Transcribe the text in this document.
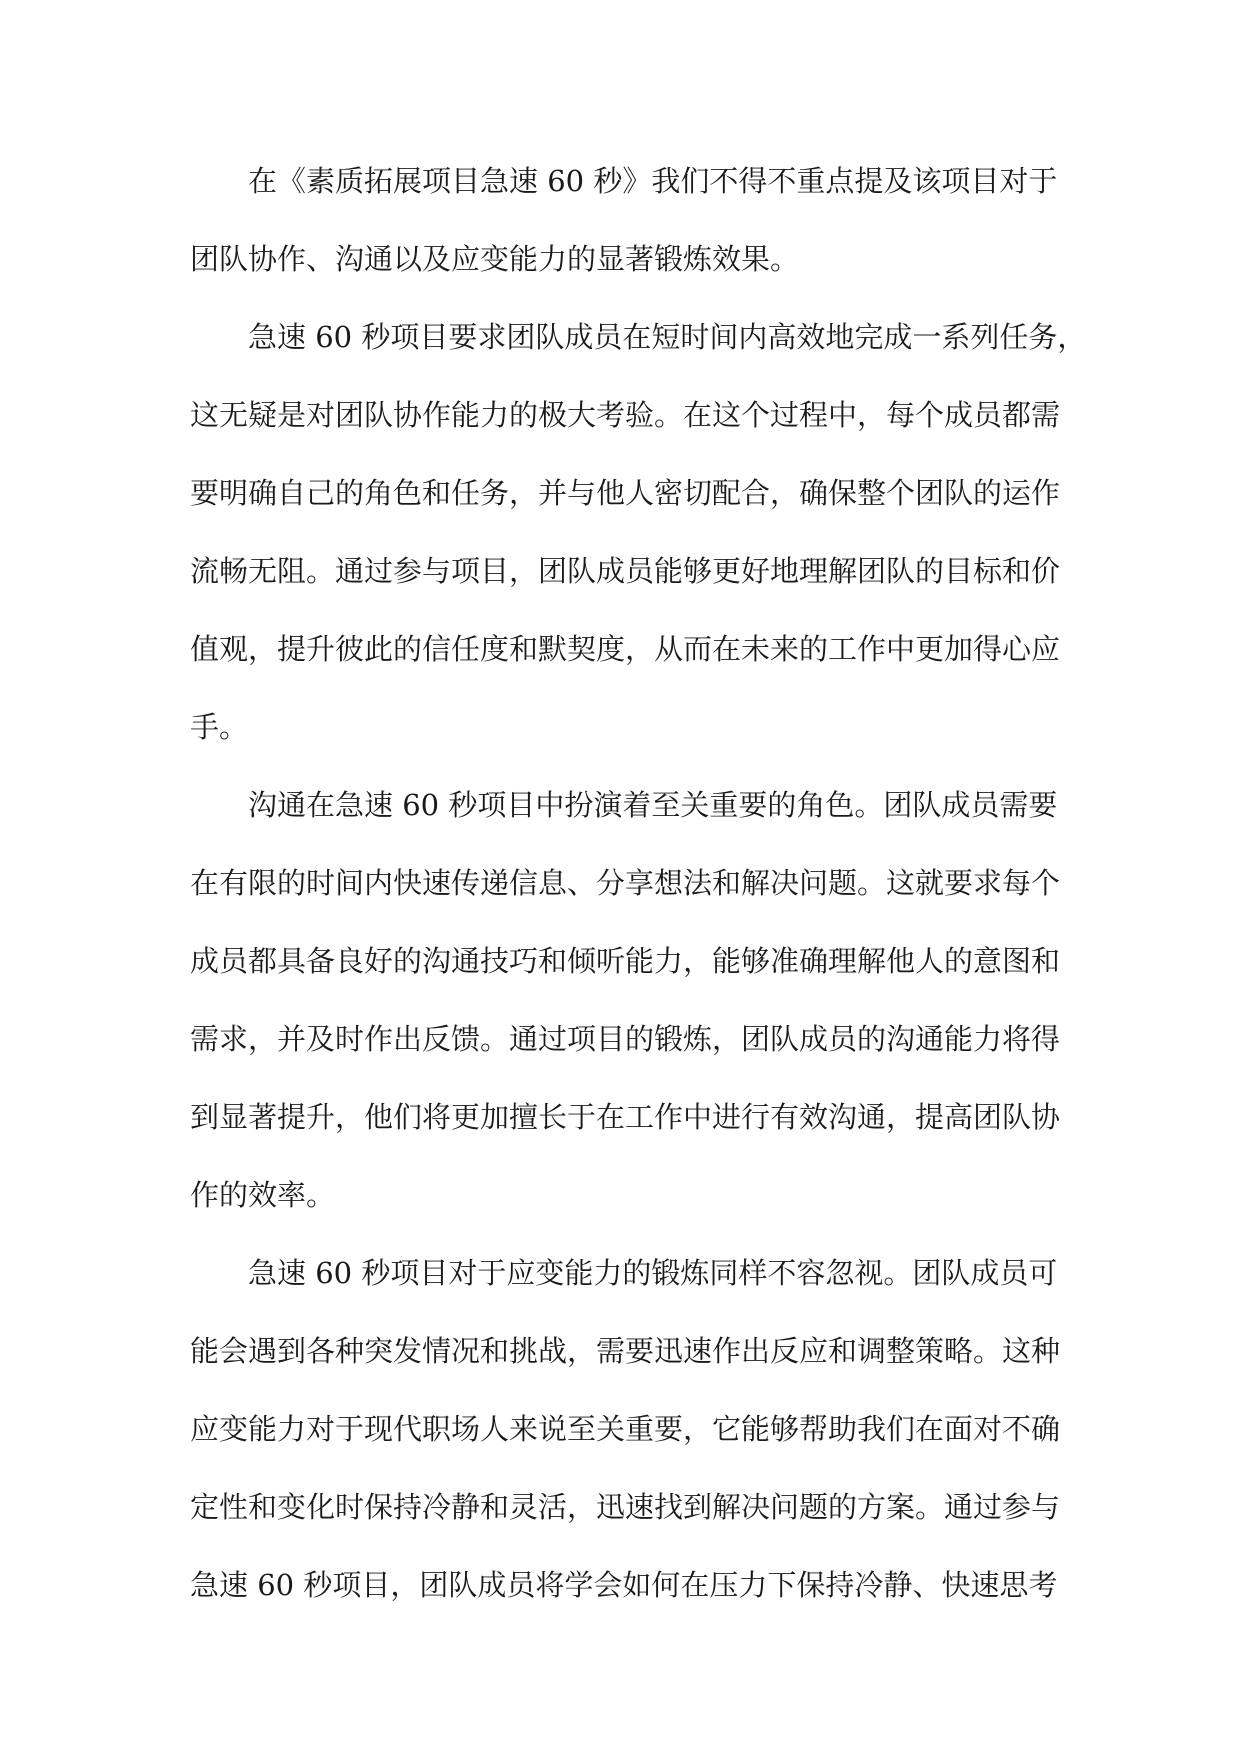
在《素质拓展项目急速 60 秒》我们不得不重点提及该项目对于
团队协作、沟通以及应变能力的显著锻炼效果。
急速 60 秒项目要求团队成员在短时间内高效地完成一系列任务，
这无疑是对团队协作能力的极大考验。在这个过程中，每个成员都需
要明确自己的角色和任务，并与他人密切配合，确保整个团队的运作
流畅无阻。通过参与项目，团队成员能够更好地理解团队的目标和价
值观，提升彼此的信任度和默契度，从而在未来的工作中更加得心应
手。
沟通在急速 60 秒项目中扮演着至关重要的角色。团队成员需要
在有限的时间内快速传递信息、分享想法和解决问题。这就要求每个
成员都具备良好的沟通技巧和倾听能力，能够准确理解他人的意图和
需求，并及时作出反馈。通过项目的锻炼，团队成员的沟通能力将得
到显著提升，他们将更加擅长于在工作中进行有效沟通，提高团队协
作的效率。
急速 60 秒项目对于应变能力的锻炼同样不容忽视。团队成员可
能会遇到各种突发情况和挑战，需要迅速作出反应和调整策略。这种
应变能力对于现代职场人来说至关重要，它能够帮助我们在面对不确
定性和变化时保持冷静和灵活，迅速找到解决问题的方案。通过参与
急速 60 秒项目，团队成员将学会如何在压力下保持冷静、快速思考
